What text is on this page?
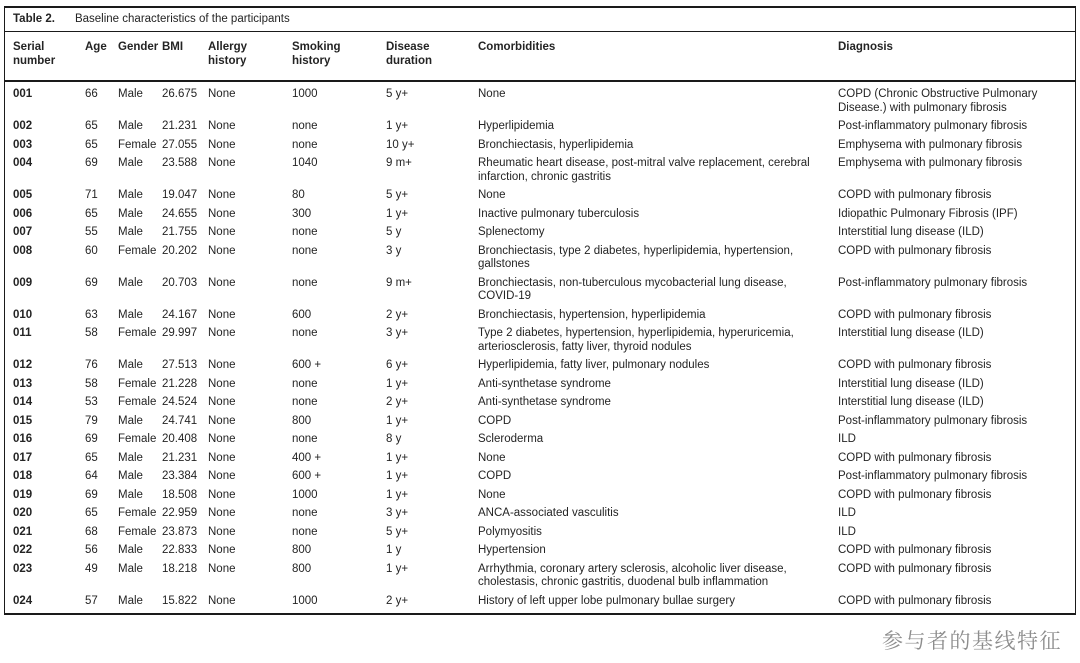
Table 2. Baseline characteristics of the participants
Serial number	Age	Gender	BMI	Allergy history	Smoking history	Disease duration	Comorbidities	Diagnosis
001	66	Male	26.675	None	1000	5 y+	None	COPD (Chronic Obstructive Pulmonary Disease.) with pulmonary fibrosis
002	65	Male	21.231	None	none	1 y+	Hyperlipidemia	Post-inflammatory pulmonary fibrosis
003	65	Female	27.055	None	none	10 y+	Bronchiectasis, hyperlipidemia	Emphysema with pulmonary fibrosis
004	69	Male	23.588	None	1040	9 m+	Rheumatic heart disease, post-mitral valve replacement, cerebral infarction, chronic gastritis	Emphysema with pulmonary fibrosis
005	71	Male	19.047	None	80	5 y+	None	COPD with pulmonary fibrosis
006	65	Male	24.655	None	300	1 y+	Inactive pulmonary tuberculosis	Idiopathic Pulmonary Fibrosis (IPF)
007	55	Male	21.755	None	none	5 y	Splenectomy	Interstitial lung disease (ILD)
008	60	Female	20.202	None	none	3 y	Bronchiectasis, type 2 diabetes, hyperlipidemia, hypertension, gallstones	COPD with pulmonary fibrosis
009	69	Male	20.703	None	none	9 m+	Bronchiectasis, non-tuberculous mycobacterial lung disease, COVID-19	Post-inflammatory pulmonary fibrosis
010	63	Male	24.167	None	600	2 y+	Bronchiectasis, hypertension, hyperlipidemia	COPD with pulmonary fibrosis
011	58	Female	29.997	None	none	3 y+	Type 2 diabetes, hypertension, hyperlipidemia, hyperuricemia, arteriosclerosis, fatty liver, thyroid nodules	Interstitial lung disease (ILD)
012	76	Male	27.513	None	600 +	6 y+	Hyperlipidemia, fatty liver, pulmonary nodules	COPD with pulmonary fibrosis
013	58	Female	21.228	None	none	1 y+	Anti-synthetase syndrome	Interstitial lung disease (ILD)
014	53	Female	24.524	None	none	2 y+	Anti-synthetase syndrome	Interstitial lung disease (ILD)
015	79	Male	24.741	None	800	1 y+	COPD	Post-inflammatory pulmonary fibrosis
016	69	Female	20.408	None	none	8 y	Scleroderma	ILD
017	65	Male	21.231	None	400 +	1 y+	None	COPD with pulmonary fibrosis
018	64	Male	23.384	None	600 +	1 y+	COPD	Post-inflammatory pulmonary fibrosis
019	69	Male	18.508	None	1000	1 y+	None	COPD with pulmonary fibrosis
020	65	Female	22.959	None	none	3 y+	ANCA-associated vasculitis	ILD
021	68	Female	23.873	None	none	5 y+	Polymyositis	ILD
022	56	Male	22.833	None	800	1 y	Hypertension	COPD with pulmonary fibrosis
023	49	Male	18.218	None	800	1 y+	Arrhythmia, coronary artery sclerosis, alcoholic liver disease, cholestasis, chronic gastritis, duodenal bulb inflammation	COPD with pulmonary fibrosis
024	57	Male	15.822	None	1000	2 y+	History of left upper lobe pulmonary bullae surgery	COPD with pulmonary fibrosis
参与者的基线特征
